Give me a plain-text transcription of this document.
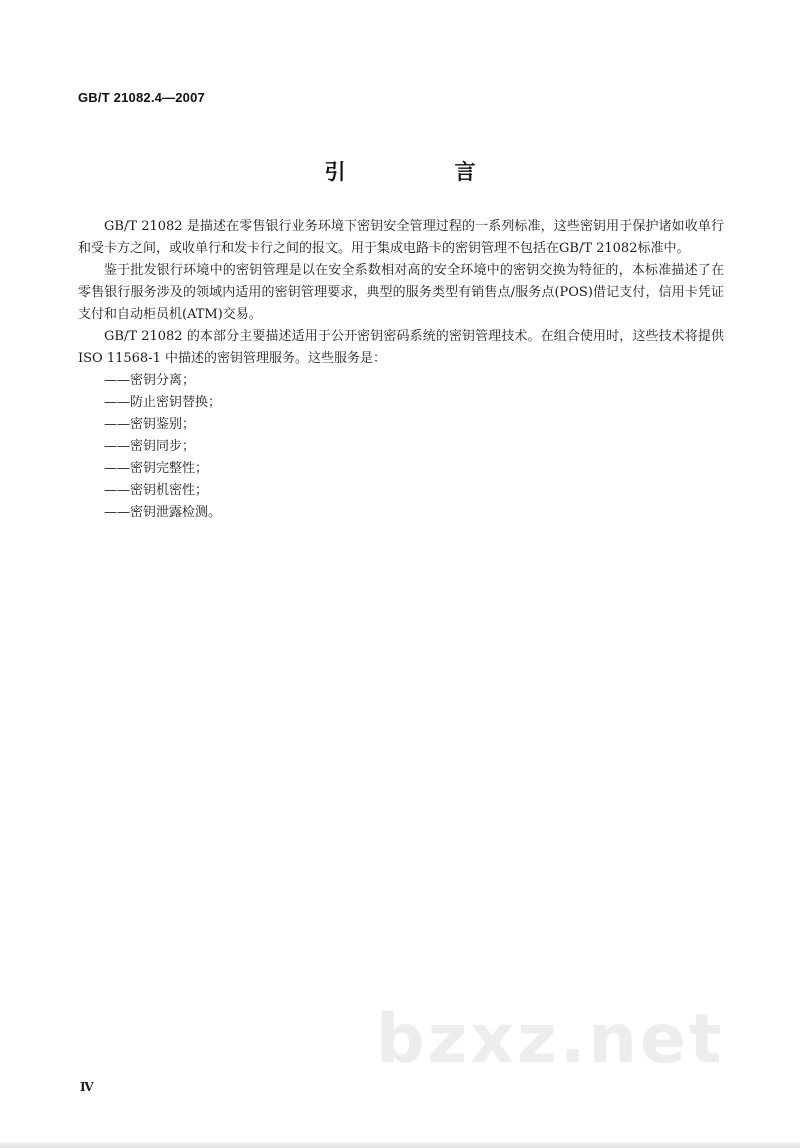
GB/T 21082.4—2007
引　言

GB/T 21082 是描述在零售银行业务环境下密钥安全管理过程的一系列标准，这些密钥用于保护诸如收单行和受卡方之间，或收单行和发卡行之间的报文。用于集成电路卡的密钥管理不包括在GB/T 21082标准中。

鉴于批发银行环境中的密钥管理是以在安全系数相对高的安全环境中的密钥交换为特征的，本标准描述了在零售银行服务涉及的领域内适用的密钥管理要求，典型的服务类型有销售点/服务点(POS)借记支付，信用卡凭证支付和自动柜员机(ATM)交易。

GB/T 21082 的本部分主要描述适用于公开密钥密码系统的密钥管理技术。在组合使用时，这些技术将提供 ISO 11568-1 中描述的密钥管理服务。这些服务是：

——密钥分离；
——防止密钥替换；
——密钥鉴别；
——密钥同步；
——密钥完整性；
——密钥机密性；
——密钥泄露检测。
bzxz.net
Ⅳ
